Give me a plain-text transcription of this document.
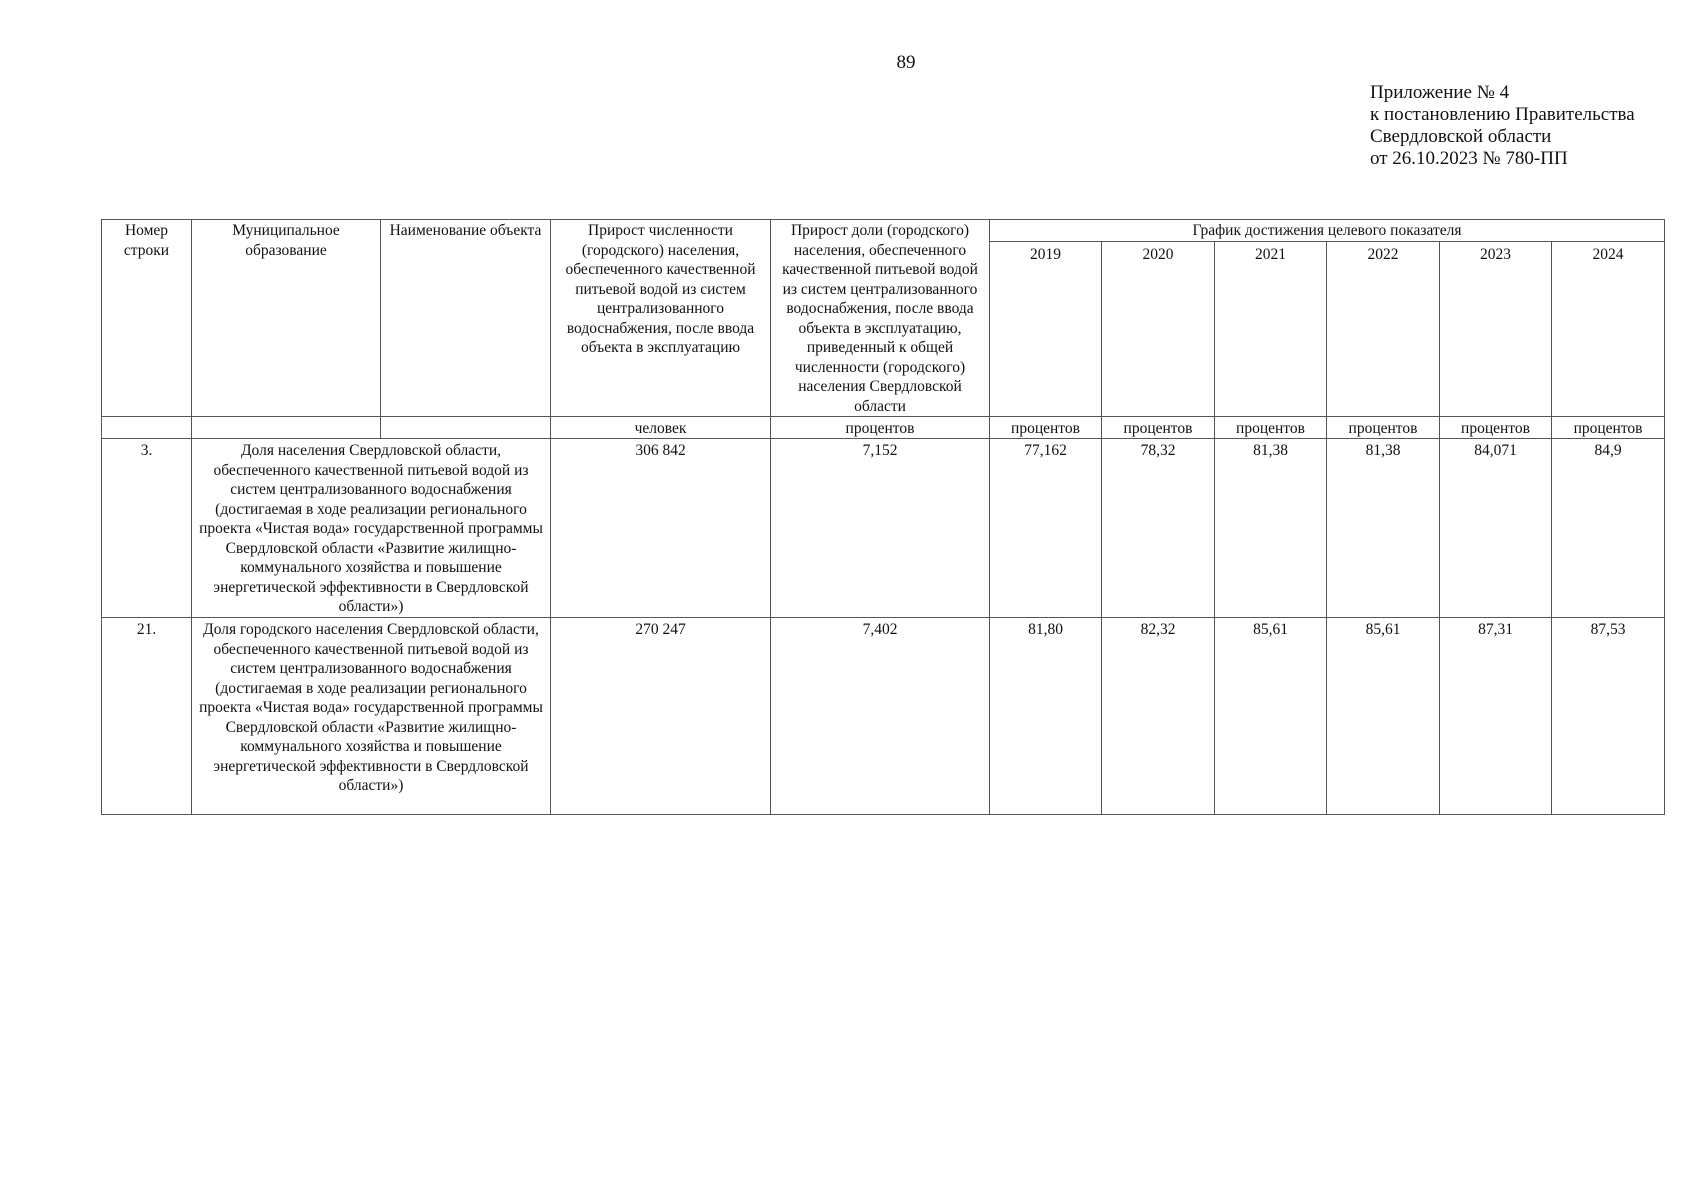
89
Приложение № 4
к постановлению Правительства
Свердловской области
от 26.10.2023 № 780-ПП
Номер строки	Муниципальное образование	Наименование объекта	Прирост численности (городского) населения, обеспеченного качественной питьевой водой из систем централизованного водоснабжения, после ввода объекта в эксплуатацию	Прирост доли (городского) населения, обеспеченного качественной питьевой водой из систем централизованного водоснабжения, после ввода объекта в эксплуатацию, приведенный к общей численности (городского) населения Свердловской области	График достижения целевого показателя					
					2019	2020	2021	2022	2023	2024
			человек	процентов	процентов	процентов	процентов	процентов	процентов	процентов
3.	Доля населения Свердловской области, обеспеченного качественной питьевой водой из систем централизованного водоснабжения (достигаемая в ходе реализации регионального проекта «Чистая вода» государственной программы Свердловской области «Развитие жилищно-коммунального хозяйства и повышение энергетической эффективности в Свердловской области»)		306 842	7,152	77,162	78,32	81,38	81,38	84,071	84,9
21.	Доля городского населения Свердловской области, обеспеченного качественной питьевой водой из систем централизованного водоснабжения (достигаемая в ходе реализации регионального проекта «Чистая вода» государственной программы Свердловской области «Развитие жилищно-коммунального хозяйства и повышение энергетической эффективности в Свердловской области»)		270 247	7,402	81,80	82,32	85,61	85,61	87,31	87,53
